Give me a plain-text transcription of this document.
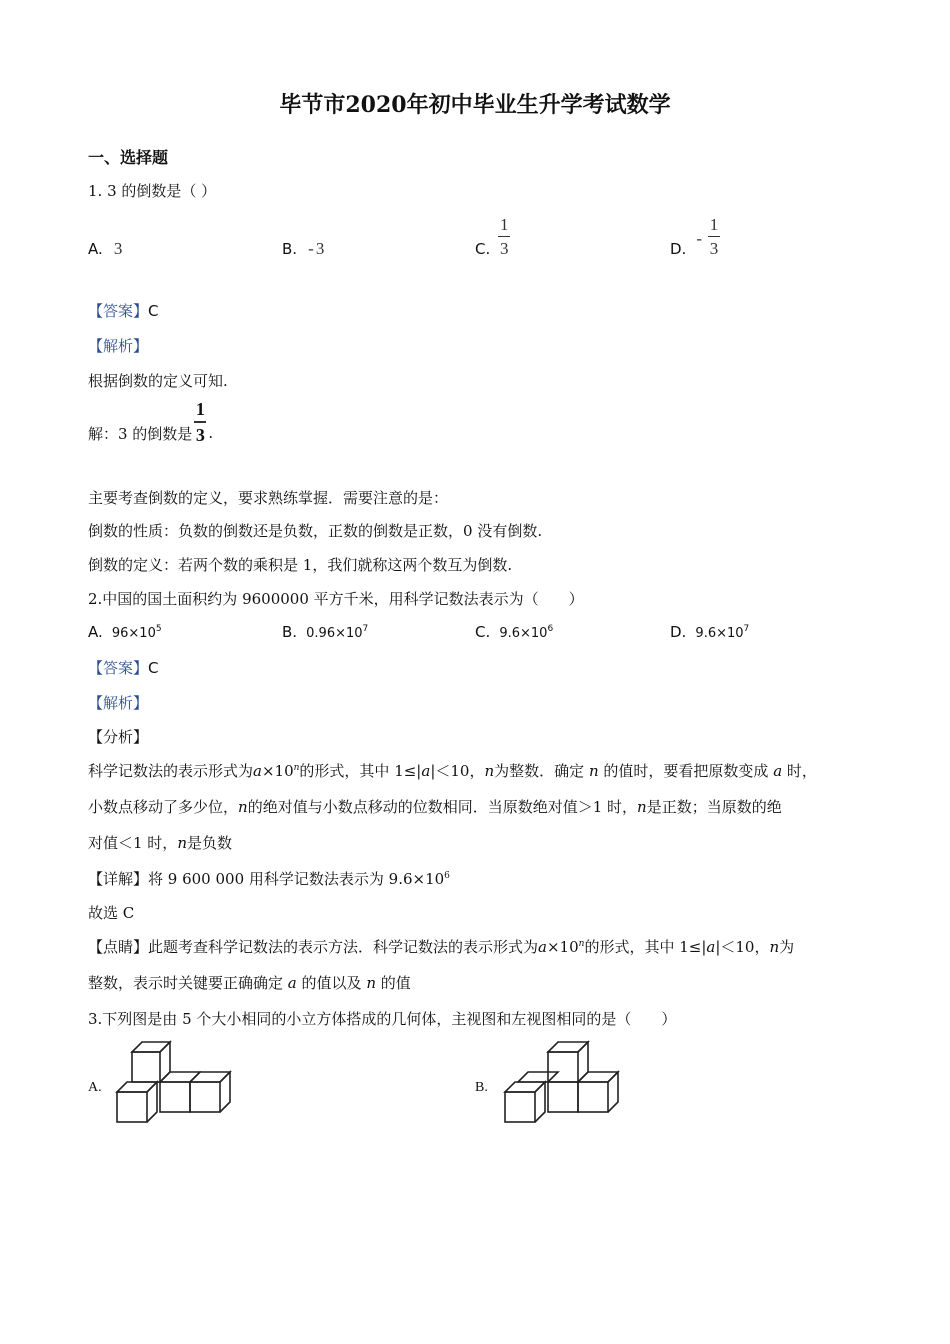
毕节市2020年初中毕业生升学考试数学
一、选择题
1. 3 的倒数是（ ）
A. 3	B. - 3	C. $\frac{1}{3}$	D.
- $\frac{1}{3}$
【答案】C
【解析】
根据倒数的定义可知.
解：3 的倒数是 $\frac{1}{3}$ .
主要考查倒数的定义，要求熟练掌握．需要注意的是：
倒数的性质：负数的倒数还是负数，正数的倒数是正数，0 没有倒数.
倒数的定义：若两个数的乘积是 1，我们就称这两个数互为倒数.
2.中国的国土面积约为 9600000 平方千米，用科学记数法表示为（　　）
A. $96\times 10^5$	B. $0.96\times 10^7$	C. $9.6\times 10^6$	D. $9.6\times 10^7$
【答案】C
【解析】
【分析】
科学记数法的表示形式为$a\times 10^n$的形式，其中 1≤|a|＜10，n为整数．确定 n 的值时，要看把原数变成 a 时，
小数点移动了多少位，n的绝对值与小数点移动的位数相同．当原数绝对值＞1 时，n是正数；当原数的绝
对值＜1 时，n是负数
【详解】将 9 600 000 用科学记数法表示为 $9.6\times 10^6$
故选 C
【点睛】此题考查科学记数法的表示方法．科学记数法的表示形式为$a\times 10^n$的形式，其中 1≤|a|＜10，n为
整数，表示时关键要正确确定 a 的值以及 n 的值
3.下列图是由 5 个大小相同的小立方体搭成的几何体，主视图和左视图相同的是（　　）
A.	B.
